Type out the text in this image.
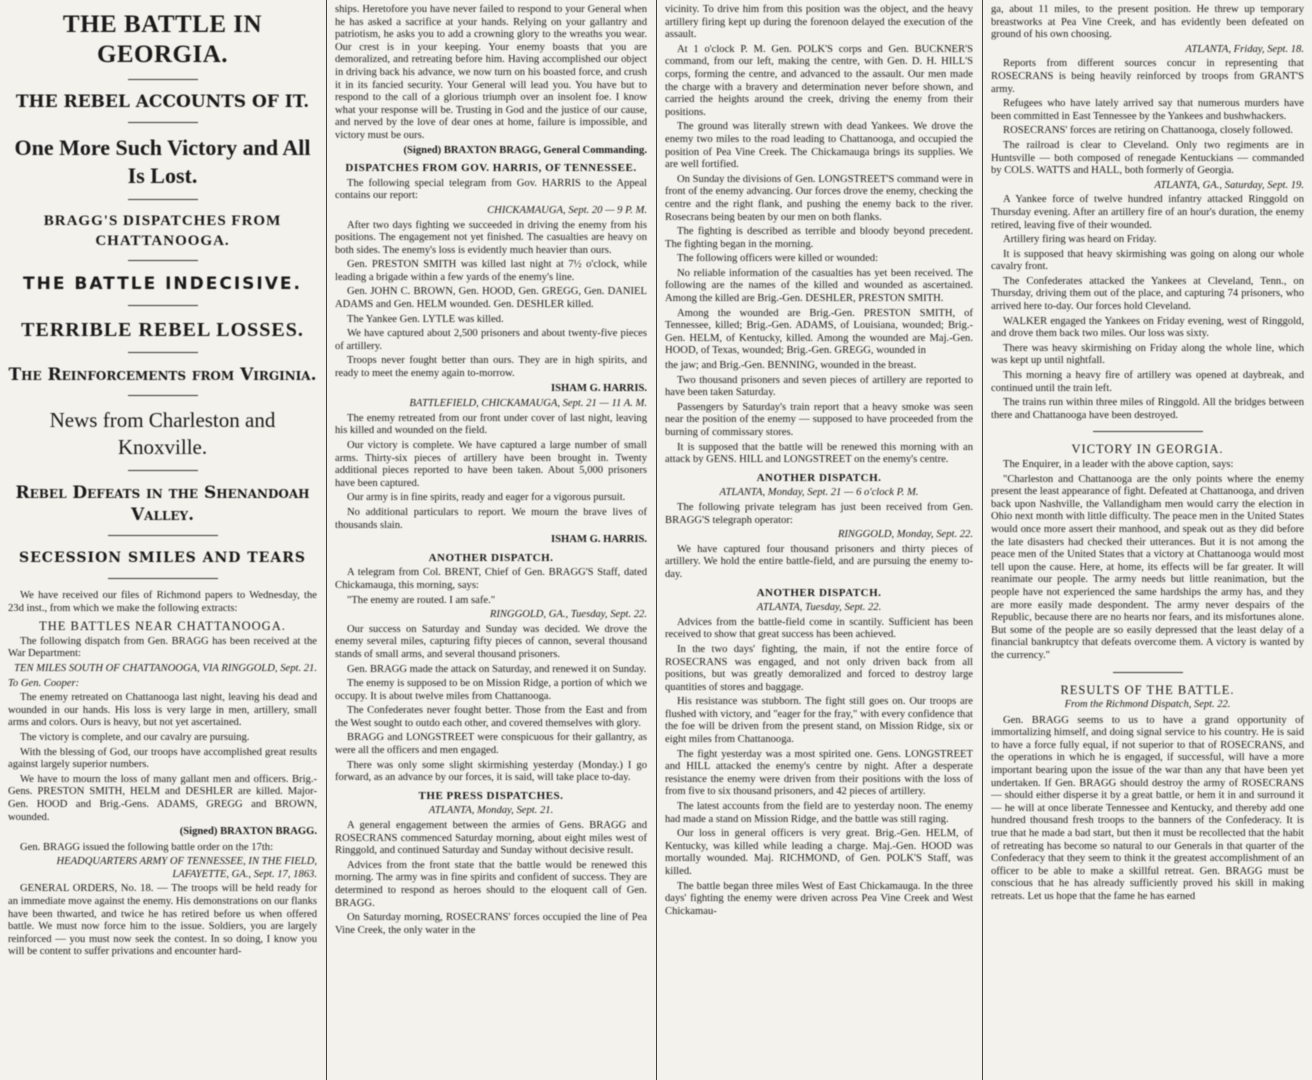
THE BATTLE IN GEORGIA.
THE REBEL ACCOUNTS OF IT.
One More Such Victory and All Is Lost.
BRAGG'S DISPATCHES FROM CHATTANOOGA.
THE BATTLE INDECISIVE.
TERRIBLE REBEL LOSSES.
The Reinforcements from Virginia.
News from Charleston and Knoxville.
Rebel Defeats in the Shenandoah Valley.
SECESSION SMILES AND TEARS

We have received our files of Richmond papers to Wednesday, the 23d inst., from which we make the following extracts:

THE BATTLES NEAR CHATTANOOGA.

The following dispatch from Gen. BRAGG has been received at the War Department:

TEN MILES SOUTH OF CHATTANOOGA, VIA RINGGOLD, Sept. 21.

To Gen. Cooper:

The enemy retreated on Chattanooga last night, leaving his dead and wounded in our hands. His loss is very large in men, artillery, small arms and colors. Ours is heavy, but not yet ascertained.

The victory is complete, and our cavalry are pursuing.

With the blessing of God, our troops have accomplished great results against largely superior numbers.

We have to mourn the loss of many gallant men and officers. Brig.-Gens. PRESTON SMITH, HELM and DESHLER are killed. Major-Gen. HOOD and Brig.-Gens. ADAMS, GREGG and BROWN, wounded.

(Signed) BRAXTON BRAGG.

Gen. BRAGG issued the following battle order on the 17th:

HEADQUARTERS ARMY OF TENNESSEE, IN THE FIELD, LAFAYETTE, GA., Sept. 17, 1863.

GENERAL ORDERS, No. 18. — The troops will be held ready for an immediate move against the enemy. His demonstrations on our flanks have been thwarted, and twice he has retired before us when offered battle. We must now force him to the issue. Soldiers, you are largely reinforced — you must now seek the contest. In so doing, I know you will be content to suffer privations and encounter hard-

ships. Heretofore you have never failed to respond to your General when he has asked a sacrifice at your hands. Relying on your gallantry and patriotism, he asks you to add a crowning glory to the wreaths you wear. Our crest is in your keeping. Your enemy boasts that you are demoralized, and retreating before him. Having accomplished our object in driving back his advance, we now turn on his boasted force, and crush it in its fancied security. Your General will lead you. You have but to respond to the call of a glorious triumph over an insolent foe. I know what your response will be. Trusting in God and the justice of our cause, and nerved by the love of dear ones at home, failure is impossible, and victory must be ours.

(Signed) BRAXTON BRAGG, General Commanding.
DISPATCHES FROM GOV. HARRIS, OF TENNESSEE.

The following special telegram from Gov. HARRIS to the Appeal contains our report:

CHICKAMAUGA, Sept. 20 — 9 P. M.

After two days fighting we succeeded in driving the enemy from his positions. The engagement not yet finished. The casualties are heavy on both sides. The enemy's loss is evidently much heavier than ours.

Gen. PRESTON SMITH was killed last night at 7½ o'clock, while leading a brigade within a few yards of the enemy's line.

Gen. JOHN C. BROWN, Gen. HOOD, Gen. GREGG, Gen. DANIEL ADAMS and Gen. HELM wounded. Gen. DESHLER killed.

The Yankee Gen. LYTLE was killed.

We have captured about 2,500 prisoners and about twenty-five pieces of artillery.

Troops never fought better than ours. They are in high spirits, and ready to meet the enemy again to-morrow.

ISHAM G. HARRIS.
BATTLEFIELD, CHICKAMAUGA, Sept. 21 — 11 A. M.

The enemy retreated from our front under cover of last night, leaving his killed and wounded on the field.

Our victory is complete. We have captured a large number of small arms. Thirty-six pieces of artillery have been brought in. Twenty additional pieces reported to have been taken. About 5,000 prisoners have been captured.

Our army is in fine spirits, ready and eager for a vigorous pursuit.

No additional particulars to report. We mourn the brave lives of thousands slain.

ISHAM G. HARRIS.
ANOTHER DISPATCH.

A telegram from Col. BRENT, Chief of Gen. BRAGG'S Staff, dated Chickamauga, this morning, says:

"The enemy are routed. I am safe."

RINGGOLD, GA., Tuesday, Sept. 22.

Our success on Saturday and Sunday was decided. We drove the enemy several miles, capturing fifty pieces of cannon, several thousand stands of small arms, and several thousand prisoners.

Gen. BRAGG made the attack on Saturday, and renewed it on Sunday.

The enemy is supposed to be on Mission Ridge, a portion of which we occupy. It is about twelve miles from Chattanooga.

The Confederates never fought better. Those from the East and from the West sought to outdo each other, and covered themselves with glory.

BRAGG and LONGSTREET were conspicuous for their gallantry, as were all the officers and men engaged.

There was only some slight skirmishing yesterday (Monday.) I go forward, as an advance by our forces, it is said, will take place to-day.

THE PRESS DISPATCHES.
ATLANTA, Monday, Sept. 21.

A general engagement between the armies of Gens. BRAGG and ROSECRANS commenced Saturday morning, about eight miles west of Ringgold, and continued Saturday and Sunday without decisive result.

Advices from the front state that the battle would be renewed this morning. The army was in fine spirits and confident of success. They are determined to respond as heroes should to the eloquent call of Gen. BRAGG.

On Saturday morning, ROSECRANS' forces occupied the line of Pea Vine Creek, the only water in the

vicinity. To drive him from this position was the object, and the heavy artillery firing kept up during the forenoon delayed the execution of the assault.

At 1 o'clock P. M. Gen. POLK'S corps and Gen. BUCKNER'S command, from our left, making the centre, with Gen. D. H. HILL'S corps, forming the centre, and advanced to the assault. Our men made the charge with a bravery and determination never before shown, and carried the heights around the creek, driving the enemy from their positions.

The ground was literally strewn with dead Yankees. We drove the enemy two miles to the road leading to Chattanooga, and occupied the position of Pea Vine Creek. The Chickamauga brings its supplies. We are well fortified.

On Sunday the divisions of Gen. LONGSTREET'S command were in front of the enemy advancing. Our forces drove the enemy, checking the centre and the right flank, and pushing the enemy back to the river. Rosecrans being beaten by our men on both flanks.

The fighting is described as terrible and bloody beyond precedent. The fighting began in the morning.

The following officers were killed or wounded:

No reliable information of the casualties has yet been received. The following are the names of the killed and wounded as ascertained. Among the killed are Brig.-Gen. DESHLER, PRESTON SMITH.

Among the wounded are Brig.-Gen. PRESTON SMITH, of Tennessee, killed; Brig.-Gen. ADAMS, of Louisiana, wounded; Brig.-Gen. HELM, of Kentucky, killed. Among the wounded are Maj.-Gen. HOOD, of Texas, wounded; Brig.-Gen. GREGG, wounded in

the jaw; and Brig.-Gen. BENNING, wounded in the breast.

Two thousand prisoners and seven pieces of artillery are reported to have been taken Saturday.

Passengers by Saturday's train report that a heavy smoke was seen near the position of the enemy — supposed to have proceeded from the burning of commissary stores.

It is supposed that the battle will be renewed this morning with an attack by GENS. HILL and LONGSTREET on the enemy's centre.

ANOTHER DISPATCH.
ATLANTA, Monday, Sept. 21 — 6 o'clock P. M.

The following private telegram has just been received from Gen. BRAGG'S telegraph operator:

RINGGOLD, Monday, Sept. 22.

We have captured four thousand prisoners and thirty pieces of artillery. We hold the entire battle-field, and are pursuing the enemy to-day.

ANOTHER DISPATCH.
ATLANTA, Tuesday, Sept. 22.

Advices from the battle-field come in scantily. Sufficient has been received to show that great success has been achieved.

In the two days' fighting, the main, if not the entire force of ROSECRANS was engaged, and not only driven back from all positions, but was greatly demoralized and forced to destroy large quantities of stores and baggage.

His resistance was stubborn. The fight still goes on. Our troops are flushed with victory, and "eager for the fray," with every confidence that the foe will be driven from the present stand, on Mission Ridge, six or eight miles from Chattanooga.

The fight yesterday was a most spirited one. Gens. LONGSTREET and HILL attacked the enemy's centre by night. After a desperate resistance the enemy were driven from their positions with the loss of from five to six thousand prisoners, and 42 pieces of artillery.

The latest accounts from the field are to yesterday noon. The enemy had made a stand on Mission Ridge, and the battle was still raging.

Our loss in general officers is very great. Brig.-Gen. HELM, of Kentucky, was killed while leading a charge. Maj.-Gen. HOOD was mortally wounded. Maj. RICHMOND, of Gen. POLK'S Staff, was killed.

The battle began three miles West of East Chickamauga. In the three days' fighting the enemy were driven across Pea Vine Creek and West Chickamau-

ga, about 11 miles, to the present position. He threw up temporary breastworks at Pea Vine Creek, and has evidently been defeated on ground of his own choosing.

ATLANTA, Friday, Sept. 18.

Reports from different sources concur in representing that ROSECRANS is being heavily reinforced by troops from GRANT'S army.

Refugees who have lately arrived say that numerous murders have been committed in East Tennessee by the Yankees and bushwhackers.

ROSECRANS' forces are retiring on Chattanooga, closely followed.

The railroad is clear to Cleveland. Only two regiments are in Huntsville — both composed of renegade Kentuckians — commanded by COLS. WATTS and HALL, both formerly of Georgia.

ATLANTA, GA., Saturday, Sept. 19.

A Yankee force of twelve hundred infantry attacked Ringgold on Thursday evening. After an artillery fire of an hour's duration, the enemy retired, leaving five of their wounded.

Artillery firing was heard on Friday.

It is supposed that heavy skirmishing was going on along our whole cavalry front.

The Confederates attacked the Yankees at Cleveland, Tenn., on Thursday, driving them out of the place, and capturing 74 prisoners, who arrived here to-day. Our forces hold Cleveland.

WALKER engaged the Yankees on Friday evening, west of Ringgold, and drove them back two miles. Our loss was sixty.

There was heavy skirmishing on Friday along the whole line, which was kept up until nightfall.

This morning a heavy fire of artillery was opened at daybreak, and continued until the train left.

The trains run within three miles of Ringgold. All the bridges between there and Chattanooga have been destroyed.

VICTORY IN GEORGIA.

The Enquirer, in a leader with the above caption, says:

"Charleston and Chattanooga are the only points where the enemy present the least appearance of fight. Defeated at Chattanooga, and driven back upon Nashville, the Vallandigham men would carry the election in Ohio next month with little difficulty. The peace men in the United States would once more assert their manhood, and speak out as they did before the late disasters had checked their utterances. But it is not among the peace men of the United States that a victory at Chattanooga would most tell upon the cause. Here, at home, its effects will be far greater. It will reanimate our people. The army needs but little reanimation, but the people have not experienced the same hardships the army has, and they are more easily made despondent. The army never despairs of the Republic, because there are no hearts nor fears, and its misfortunes alone. But some of the people are so easily depressed that the least delay of a financial bankruptcy that defeats overcome them. A victory is wanted by the currency."

RESULTS OF THE BATTLE.
From the Richmond Dispatch, Sept. 22.

Gen. BRAGG seems to us to have a grand opportunity of immortalizing himself, and doing signal service to his country. He is said to have a force fully equal, if not superior to that of ROSECRANS, and the operations in which he is engaged, if successful, will have a more important bearing upon the issue of the war than any that have been yet undertaken. If Gen. BRAGG should destroy the army of ROSECRANS — should either disperse it by a great battle, or hem it in and surround it — he will at once liberate Tennessee and Kentucky, and thereby add one hundred thousand fresh troops to the banners of the Confederacy. It is true that he made a bad start, but then it must be recollected that the habit of retreating has become so natural to our Generals in that quarter of the Confederacy that they seem to think it the greatest accomplishment of an officer to be able to make a skillful retreat. Gen. BRAGG must be conscious that he has already sufficiently proved his skill in making retreats. Let us hope that the fame he has earned
